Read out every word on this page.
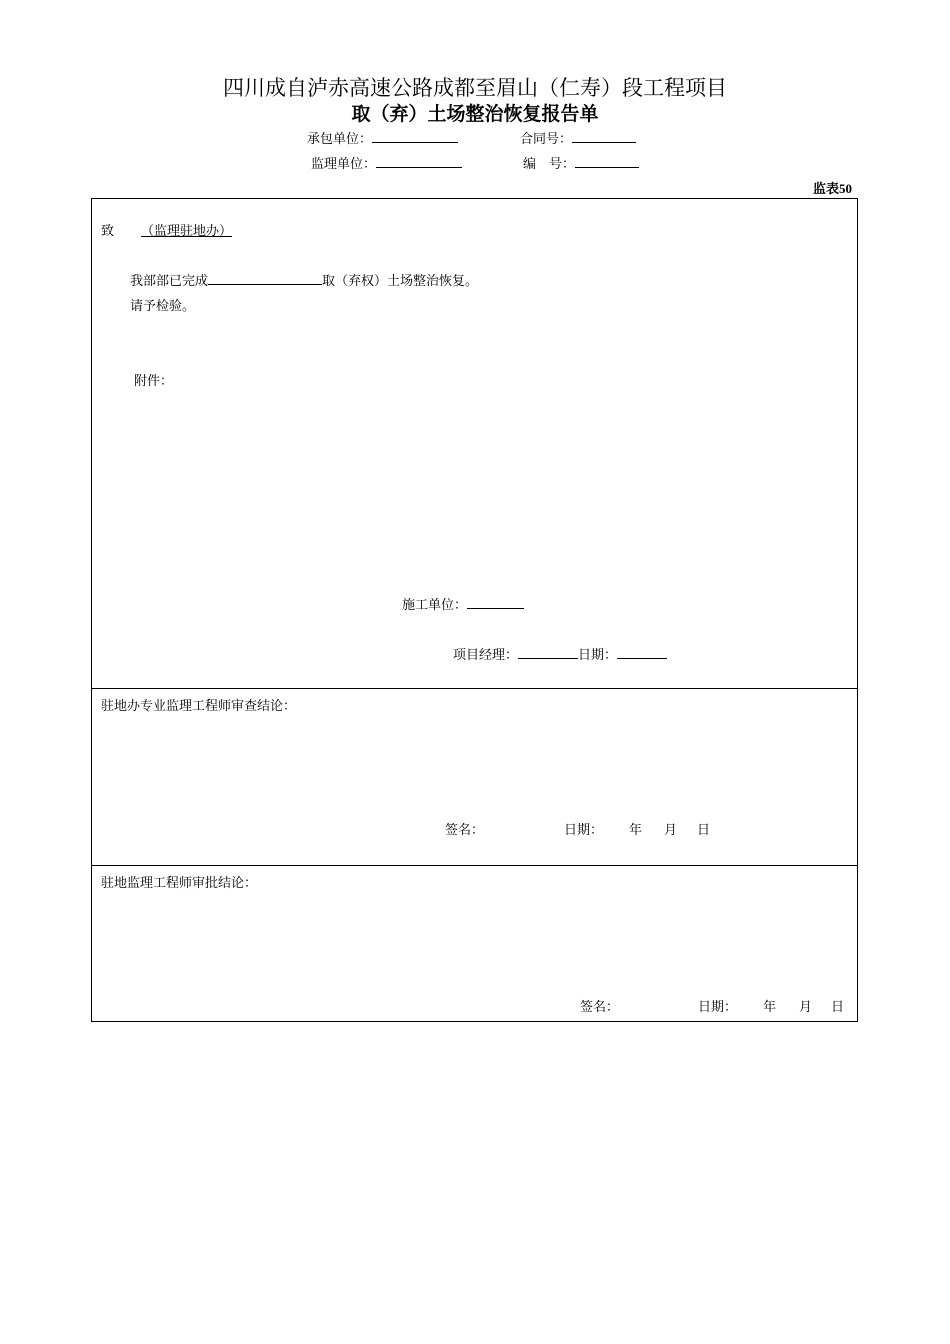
四川成自泸赤高速公路成都至眉山（仁寿）段工程项目
取（弃）土场整治恢复报告单
承包单位：	合同号：
监理单位：	编　号：
监表50
致 （监理驻地办）
我部部已完成	取（弃权）土场整治恢复。
请予检验。
附件：
施工单位：
项目经理：	日期：
驻地办专业监理工程师审查结论：
签名：	日期： 年 月 日
驻地监理工程师审批结论：
签名：	日期： 年 月 日
